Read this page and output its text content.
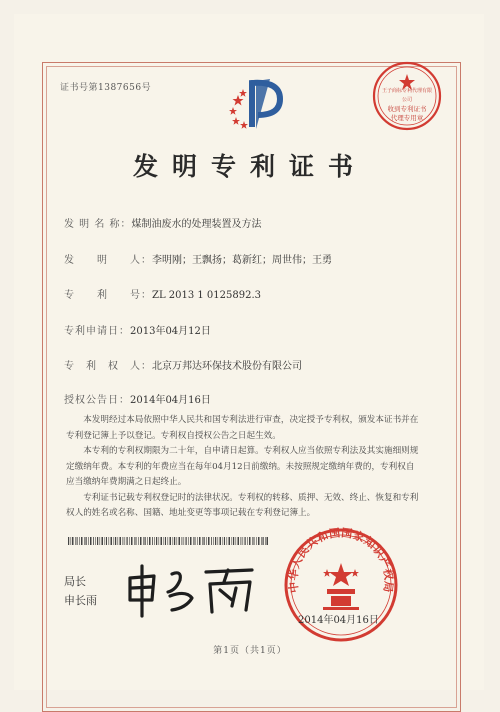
证书号第1387656号	王子商标专利代理有限公司
收到专利证书
代理专用章
发明专利证书
发 明 名 称：煤制油废水的处理装置及方法
发　　明　　人：李明刚；王飘扬；葛新红；周世伟；王勇
专　　利　　号：ZL 2013 1 0125892.3
专利申请日：2013年04月12日
专　利　权　人：北京万邦达环保技术股份有限公司
授权公告日：2014年04月16日

本发明经过本局依照中华人民共和国专利法进行审查，决定授予专利权，颁发本证书并在专利登记簿上予以登记。专利权自授权公告之日起生效。

本专利的专利权期限为二十年，自申请日起算。专利权人应当依照专利法及其实施细则规定缴纳年费。本专利的年费应当在每年04月12日前缴纳。未按照规定缴纳年费的，专利权自应当缴纳年费期满之日起终止。

专利证书记载专利权登记时的法律状况。专利权的转移、质押、无效、终止、恢复和专利权人的姓名或名称、国籍、地址变更等事项记载在专利登记簿上。

局长
申长雨
中华人民共和国国家知识产权局
2014年04月16日
第1页（共1页）
